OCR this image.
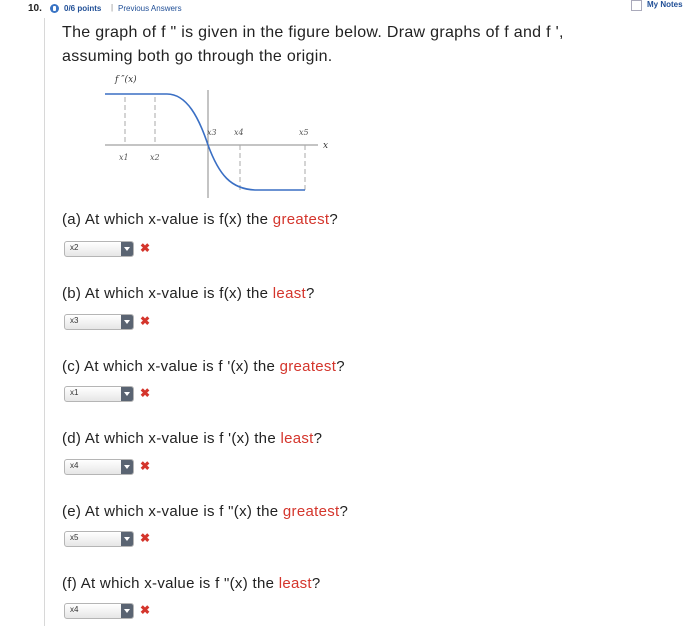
10.	0/6 points | Previous Answers	My Notes
The graph of f " is given in the figure below. Draw graphs of f and f ',
assuming both go through the origin.
f ″(x)
x
x1	x2
x3 x4	x5
(a) At which x-value is f(x) the greatest?
x2	✖
(b) At which x-value is f(x) the least?
x3	✖
(c) At which x-value is f '(x) the greatest?
x1	✖
(d) At which x-value is f '(x) the least?
x4	✖
(e) At which x-value is f "(x) the greatest?
x5	✖
(f) At which x-value is f "(x) the least?
x4	✖
